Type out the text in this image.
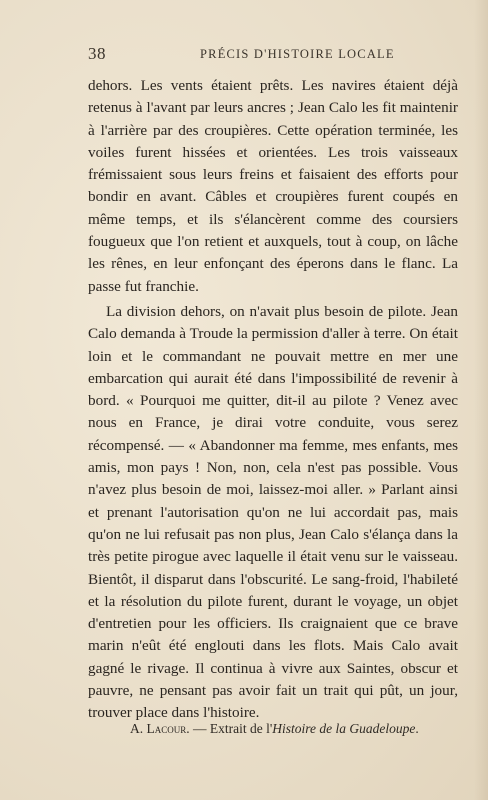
38	PRÉCIS D'HISTOIRE LOCALE

dehors. Les vents étaient prêts. Les navires étaient déjà retenus à l'avant par leurs ancres ; Jean Calo les fit maintenir à l'arrière par des croupières. Cette opération terminée, les voiles furent hissées et orientées. Les trois vaisseaux frémissaient sous leurs freins et faisaient des efforts pour bondir en avant. Câbles et croupières furent coupés en même temps, et ils s'élancèrent comme des coursiers fougueux que l'on retient et auxquels, tout à coup, on lâche les rênes, en leur enfonçant des éperons dans le flanc. La passe fut franchie.

La division dehors, on n'avait plus besoin de pilote. Jean Calo demanda à Troude la permission d'aller à terre. On était loin et le commandant ne pouvait mettre en mer une embarcation qui aurait été dans l'impossibilité de revenir à bord. « Pourquoi me quitter, dit-il au pilote ? Venez avec nous en France, je dirai votre conduite, vous serez récompensé. — « Abandonner ma femme, mes enfants, mes amis, mon pays ! Non, non, cela n'est pas possible. Vous n'avez plus besoin de moi, laissez-moi aller. » Parlant ainsi et prenant l'autorisation qu'on ne lui accordait pas, mais qu'on ne lui refusait pas non plus, Jean Calo s'élança dans la très petite pirogue avec laquelle il était venu sur le vaisseau. Bientôt, il disparut dans l'obscurité. Le sang-froid, l'habileté et la résolution du pilote furent, durant le voyage, un objet d'entretien pour les officiers. Ils craignaient que ce brave marin n'eût été englouti dans les flots. Mais Calo avait gagné le rivage. Il continua à vivre aux Saintes, obscur et pauvre, ne pensant pas avoir fait un trait qui pût, un jour, trouver place dans l'histoire.

A. Lacour. — Extrait de l'Histoire de la Guadeloupe.
